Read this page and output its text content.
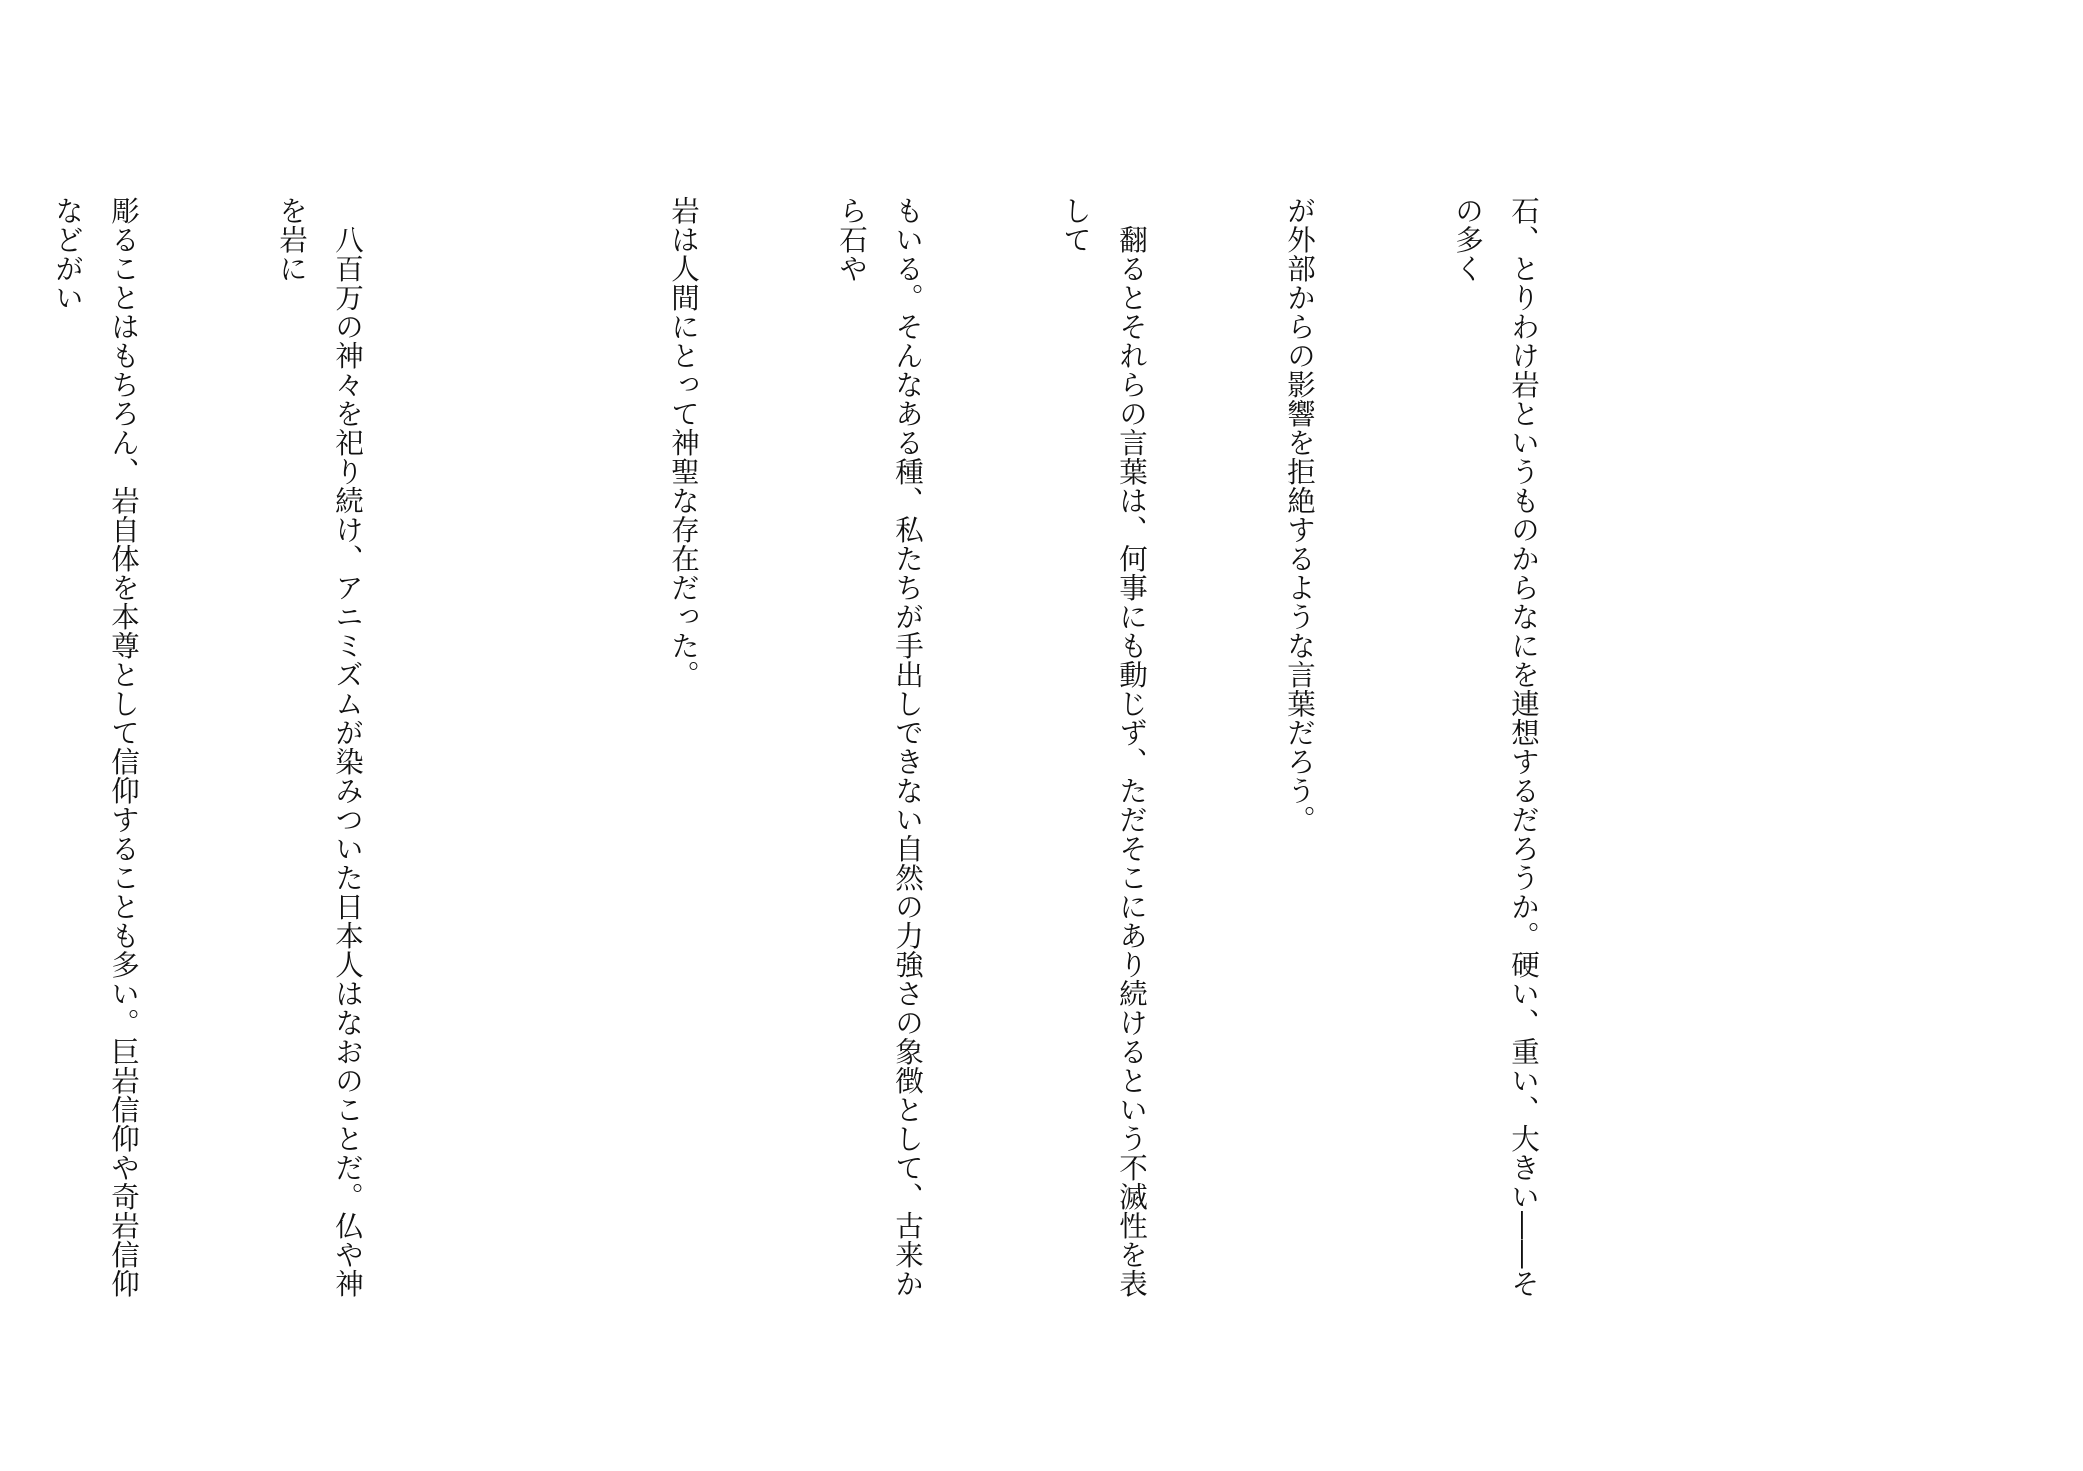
石、とりわけ岩というものからなにを連想するだろうか。硬い、重い、大きい――その多く

が外部からの影響を拒絶するような言葉だろう。

　翻るとそれらの言葉は、何事にも動じず、ただそこにあり続けるという不滅性を表して

もいる。そんなある種、私たちが手出しできない自然の力強さの象徴として、古来から石や

岩は人間にとって神聖な存在だった。

　八百万の神々を祀り続け、アニミズムが染みついた日本人はなおのことだ。仏や神を岩に

彫ることはもちろん、岩自体を本尊として信仰することも多い。巨岩信仰や奇岩信仰などがい
